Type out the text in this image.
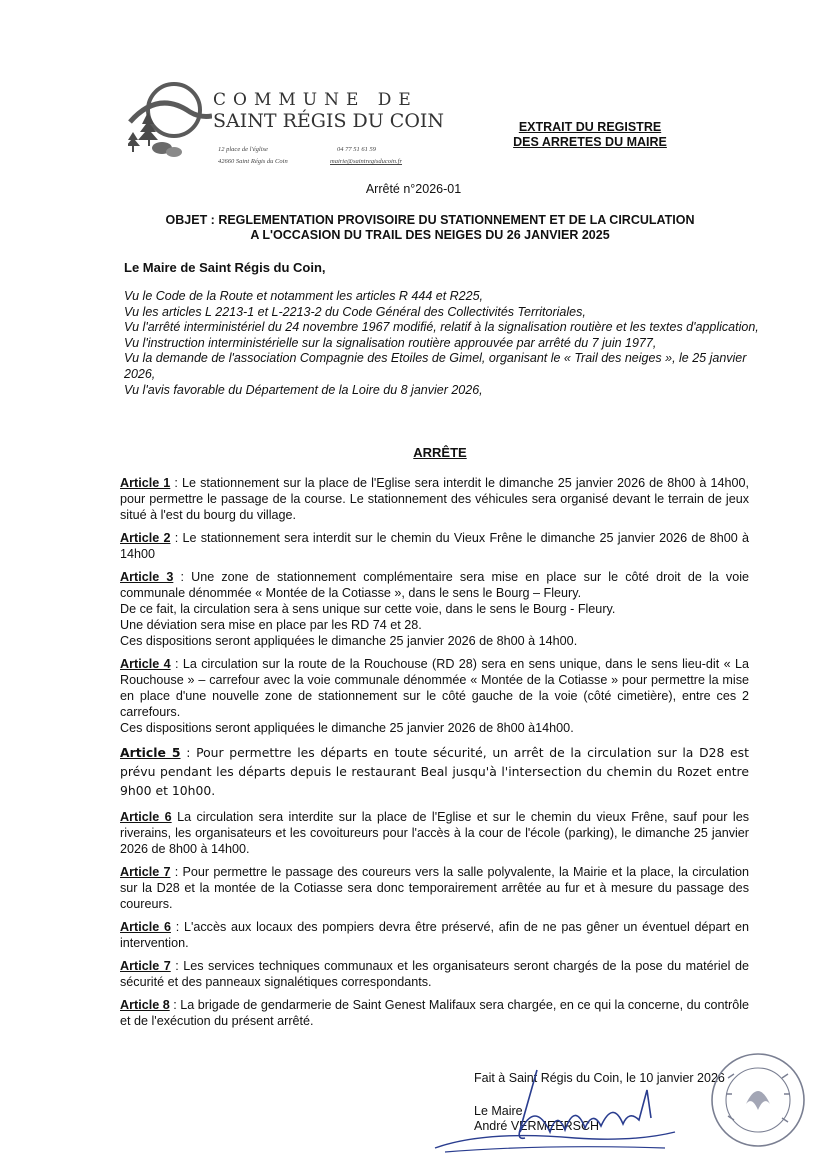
COMMUNE DE
SAINT RÉGIS DU COIN
12 place de l'église
42660 Saint Régis du Coin
04 77 51 61 59
mairie@saintregisducoin.fr
EXTRAIT DU REGISTRE
DES ARRETES DU MAIRE
Arrêté n°2026-01
OBJET : REGLEMENTATION PROVISOIRE DU STATIONNEMENT ET DE LA CIRCULATION
A L'OCCASION DU TRAIL DES NEIGES DU 26 JANVIER 2025
Le Maire de Saint Régis du Coin,

Vu le Code de la Route et notamment les articles R 444 et R225,

Vu les articles L 2213-1 et L-2213-2 du Code Général des Collectivités Territoriales,

Vu l'arrêté interministériel du 24 novembre 1967 modifié, relatif à la signalisation routière et les textes d'application,

Vu l'instruction interministérielle sur la signalisation routière approuvée par arrêté du 7 juin 1977,

Vu la demande de l'association Compagnie des Etoiles de Gimel, organisant le « Trail des neiges », le 25 janvier 2026,

Vu l'avis favorable du Département de la Loire du 8 janvier 2026,

ARRÊTE

Article 1 : Le stationnement sur la place de l'Eglise sera interdit le dimanche 25 janvier 2026 de 8h00 à 14h00, pour permettre le passage de la course. Le stationnement des véhicules sera organisé devant le terrain de jeux situé à l'est du bourg du village.

Article 2 : Le stationnement sera interdit sur le chemin du Vieux Frêne le dimanche 25 janvier 2026 de 8h00 à 14h00

Article 3 : Une zone de stationnement complémentaire sera mise en place sur le côté droit de la voie communale dénommée « Montée de la Cotiasse », dans le sens le Bourg – Fleury.

De ce fait, la circulation sera à sens unique sur cette voie, dans le sens le Bourg - Fleury.

Une déviation sera mise en place par les RD 74 et 28.

Ces dispositions seront appliquées le dimanche 25 janvier 2026 de 8h00 à 14h00.

Article 4 : La circulation sur la route de la Rouchouse (RD 28) sera en sens unique, dans le sens lieu-dit « La Rouchouse » – carrefour avec la voie communale dénommée « Montée de la Cotiasse » pour permettre la mise en place d'une nouvelle zone de stationnement sur le côté gauche de la voie (côté cimetière), entre ces 2 carrefours.

Ces dispositions seront appliquées le dimanche 25 janvier 2026 de 8h00 à14h00.

Article 5 : Pour permettre les départs en toute sécurité, un arrêt de la circulation sur la D28 est prévu pendant les départs depuis le restaurant Beal jusqu'à l'intersection du chemin du Rozet entre 9h00 et 10h00.

Article 6 La circulation sera interdite sur la place de l'Eglise et sur le chemin du vieux Frêne, sauf pour les riverains, les organisateurs et les covoitureurs pour l'accès à la cour de l'école (parking), le dimanche 25 janvier 2026 de 8h00 à 14h00.

Article 7 : Pour permettre le passage des coureurs vers la salle polyvalente, la Mairie et la place, la circulation sur la D28 et la montée de la Cotiasse sera donc temporairement arrêtée au fur et à mesure du passage des coureurs.

Article 6 : L'accès aux locaux des pompiers devra être préservé, afin de ne pas gêner un éventuel départ en intervention.

Article 7 : Les services techniques communaux et les organisateurs seront chargés de la pose du matériel de sécurité et des panneaux signalétiques correspondants.

Article 8 : La brigade de gendarmerie de Saint Genest Malifaux sera chargée, en ce qui la concerne, du contrôle et de l'exécution du présent arrêté.

Fait à Saint Régis du Coin, le 10 janvier 2026
Le Maire
André VERMEERSCH
